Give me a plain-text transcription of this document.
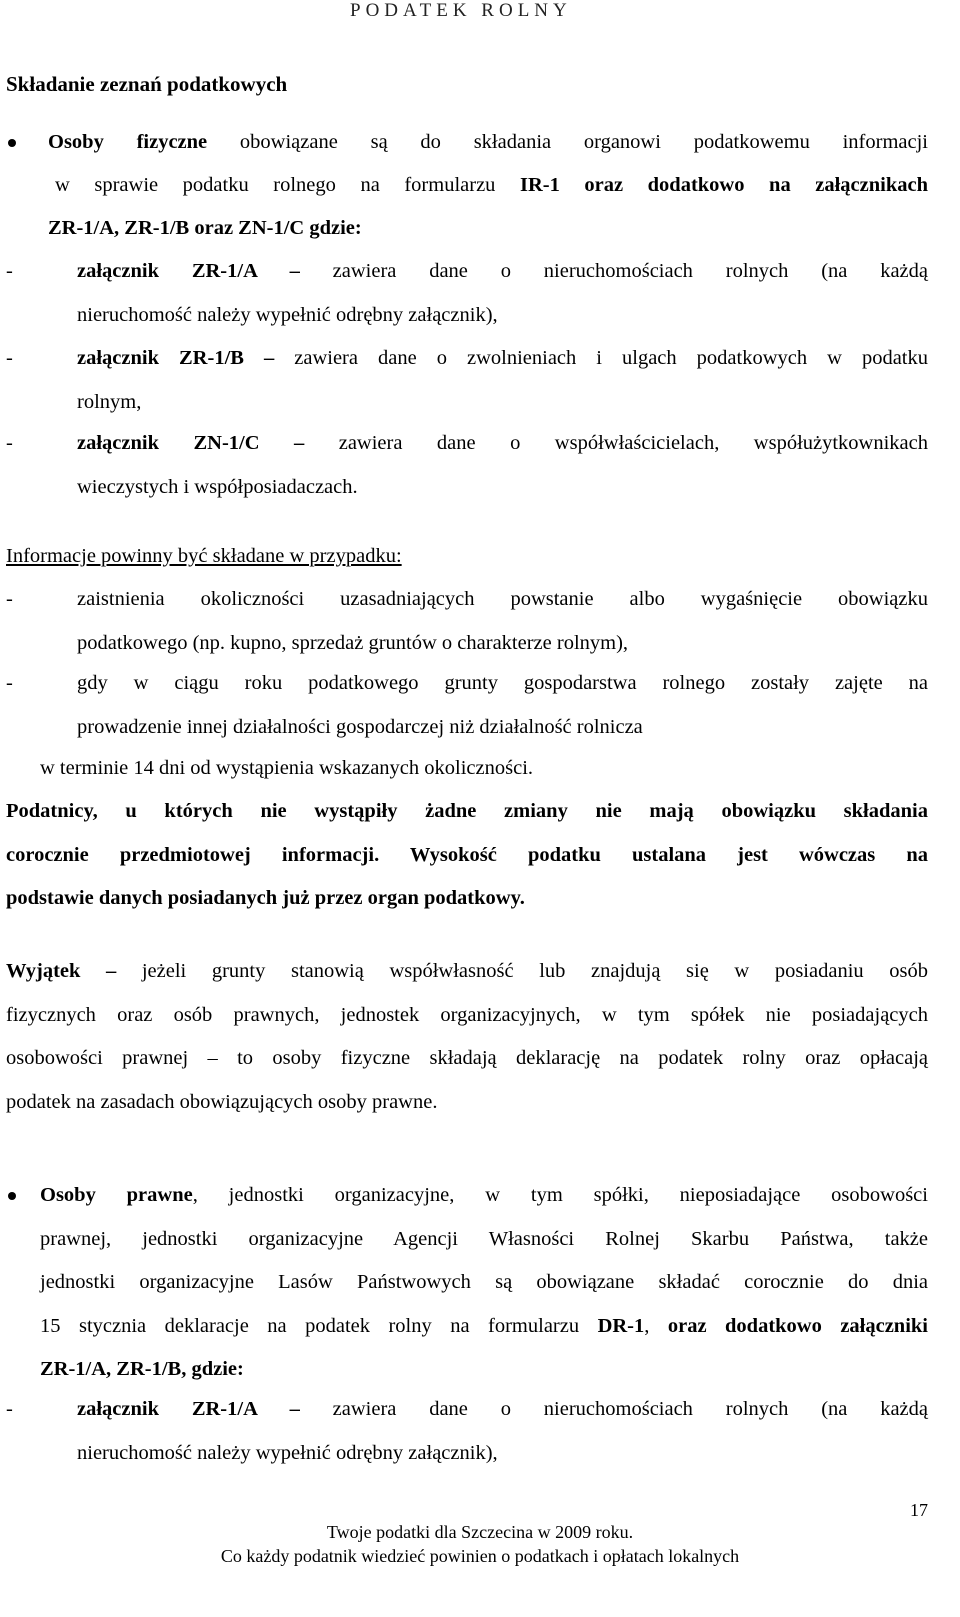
PODATEK ROLNY
Składanie zeznań podatkowych
Osoby fizyczne obowiązane są do składania organowi podatkowemu informacji
w sprawie podatku rolnego na formularzu IR-1 oraz dodatkowo na załącznikach
ZR-1/A, ZR-1/B oraz ZN-1/C gdzie:
-	załącznik ZR-1/A – zawiera dane o nieruchomościach rolnych (na każdą
nieruchomość należy wypełnić odrębny załącznik),
-	załącznik ZR-1/B – zawiera dane o zwolnieniach i ulgach podatkowych w podatku
rolnym,
-	załącznik ZN-1/C – zawiera dane o współwłaścicielach, współużytkownikach
wieczystych i współposiadaczach.
Informacje powinny być składane w przypadku:
-	zaistnienia okoliczności uzasadniających powstanie albo wygaśnięcie obowiązku
podatkowego (np. kupno, sprzedaż gruntów o charakterze rolnym),
-	gdy w ciągu roku podatkowego grunty gospodarstwa rolnego zostały zajęte na
prowadzenie innej działalności gospodarczej niż działalność rolnicza
w terminie 14 dni od wystąpienia wskazanych okoliczności.
Podatnicy, u których nie wystąpiły żadne zmiany nie mają obowiązku składania
corocznie przedmiotowej informacji. Wysokość podatku ustalana jest wówczas na
podstawie danych posiadanych już przez organ podatkowy.
Wyjątek – jeżeli grunty stanowią współwłasność lub znajdują się w posiadaniu osób
fizycznych oraz osób prawnych, jednostek organizacyjnych, w tym spółek nie posiadających
osobowości prawnej – to osoby fizyczne składają deklarację na podatek rolny oraz opłacają
podatek na zasadach obowiązujących osoby prawne.
Osoby prawne, jednostki organizacyjne, w tym spółki, nieposiadające osobowości
prawnej, jednostki organizacyjne Agencji Własności Rolnej Skarbu Państwa, także
jednostki organizacyjne Lasów Państwowych są obowiązane składać corocznie do dnia
15 stycznia deklaracje na podatek rolny na formularzu DR-1, oraz dodatkowo załączniki
ZR-1/A, ZR-1/B, gdzie:
-	załącznik ZR-1/A – zawiera dane o nieruchomościach rolnych (na każdą
nieruchomość należy wypełnić odrębny załącznik),
17
Twoje podatki dla Szczecina w 2009 roku.
Co każdy podatnik wiedzieć powinien o podatkach i opłatach lokalnych
